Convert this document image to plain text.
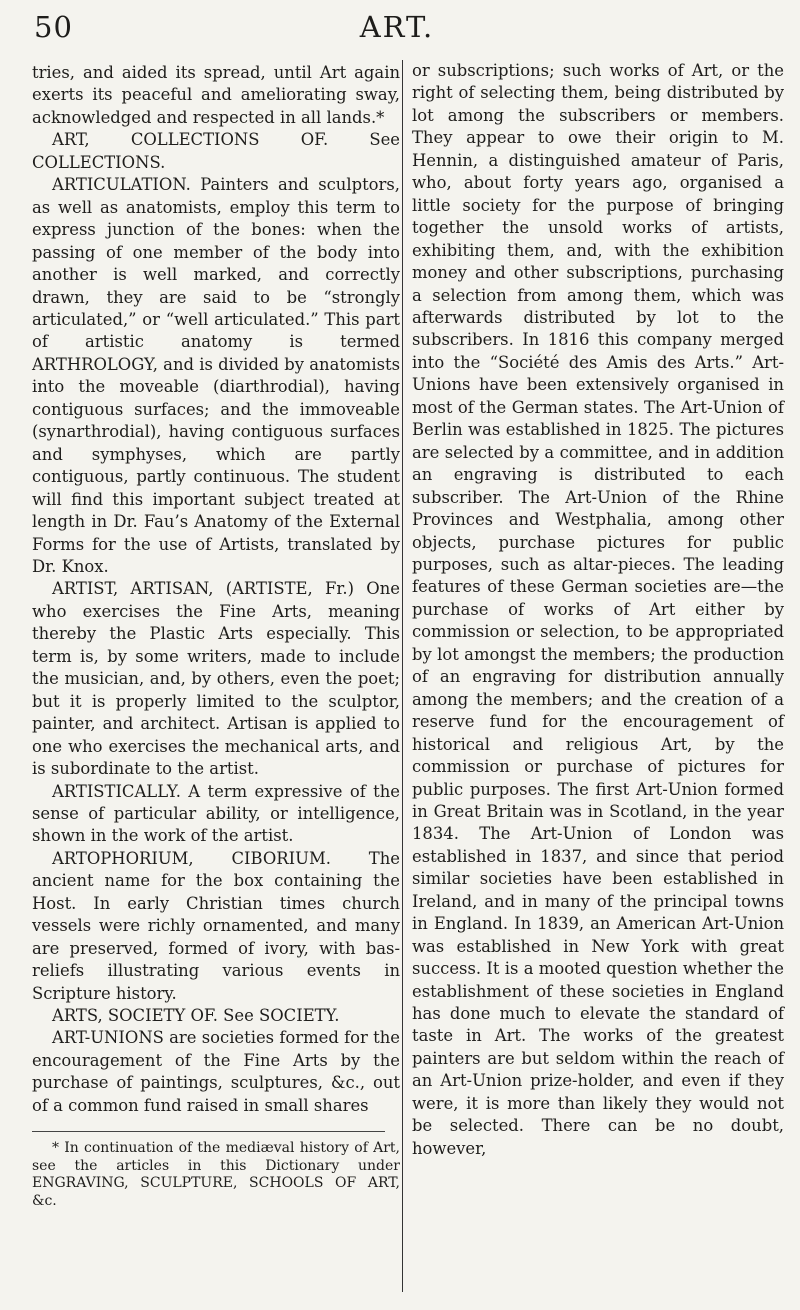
50	ART.

tries, and aided its spread, until Art again exerts its peaceful and ameliorating sway, acknowledged and respected in all lands.*

ART, COLLECTIONS OF. See COLLECTIONS.

ARTICULATION. Painters and sculptors, as well as anatomists, employ this term to express junction of the bones: when the passing of one member of the body into another is well marked, and correctly drawn, they are said to be “strongly articulated,” or “well articulated.” This part of artistic anatomy is termed ARTHROLOGY, and is divided by anatomists into the moveable (diarthrodial), having contiguous surfaces; and the immoveable (synarthrodial), having contiguous surfaces and symphyses, which are partly contiguous, partly continuous. The student will find this important subject treated at length in Dr. Fau’s Anatomy of the External Forms for the use of Artists, translated by Dr. Knox.

ARTIST, ARTISAN, (ARTISTE, Fr.) One who exercises the Fine Arts, meaning thereby the Plastic Arts especially. This term is, by some writers, made to include the musician, and, by others, even the poet; but it is properly limited to the sculptor, painter, and architect. Artisan is applied to one who exercises the mechanical arts, and is subordinate to the artist.

ARTISTICALLY. A term expressive of the sense of particular ability, or intelligence, shown in the work of the artist.

ARTOPHORIUM, CIBORIUM. The ancient name for the box containing the Host. In early Christian times church vessels were richly ornamented, and many are preserved, formed of ivory, with bas-reliefs illustrating various events in Scripture history.

ARTS, SOCIETY OF. See SOCIETY.

ART-UNIONS are societies formed for the encouragement of the Fine Arts by the purchase of paintings, sculptures, &c., out of a common fund raised in small shares

* In continuation of the mediæval history of Art, see the articles in this Dictionary under ENGRAVING, SCULPTURE, SCHOOLS OF ART, &c.

or subscriptions; such works of Art, or the right of selecting them, being distributed by lot among the subscribers or members. They appear to owe their origin to M. Hennin, a distinguished amateur of Paris, who, about forty years ago, organised a little society for the purpose of bringing together the unsold works of artists, exhibiting them, and, with the exhibition money and other subscriptions, purchasing a selection from among them, which was afterwards distributed by lot to the subscribers. In 1816 this company merged into the “Société des Amis des Arts.” Art-Unions have been extensively organised in most of the German states. The Art-Union of Berlin was established in 1825. The pictures are selected by a committee, and in addition an engraving is distributed to each subscriber. The Art-Union of the Rhine Provinces and Westphalia, among other objects, purchase pictures for public purposes, such as altar-pieces. The leading features of these German societies are—the purchase of works of Art either by commission or selection, to be appropriated by lot amongst the members; the production of an engraving for distribution annually among the members; and the creation of a reserve fund for the encouragement of historical and religious Art, by the commission or purchase of pictures for public purposes. The first Art-Union formed in Great Britain was in Scotland, in the year 1834. The Art-Union of London was established in 1837, and since that period similar societies have been established in Ireland, and in many of the principal towns in England. In 1839, an American Art-Union was established in New York with great success. It is a mooted question whether the establishment of these societies in England has done much to elevate the standard of taste in Art. The works of the greatest painters are but seldom within the reach of an Art-Union prize-holder, and even if they were, it is more than likely they would not be selected. There can be no doubt, however,
